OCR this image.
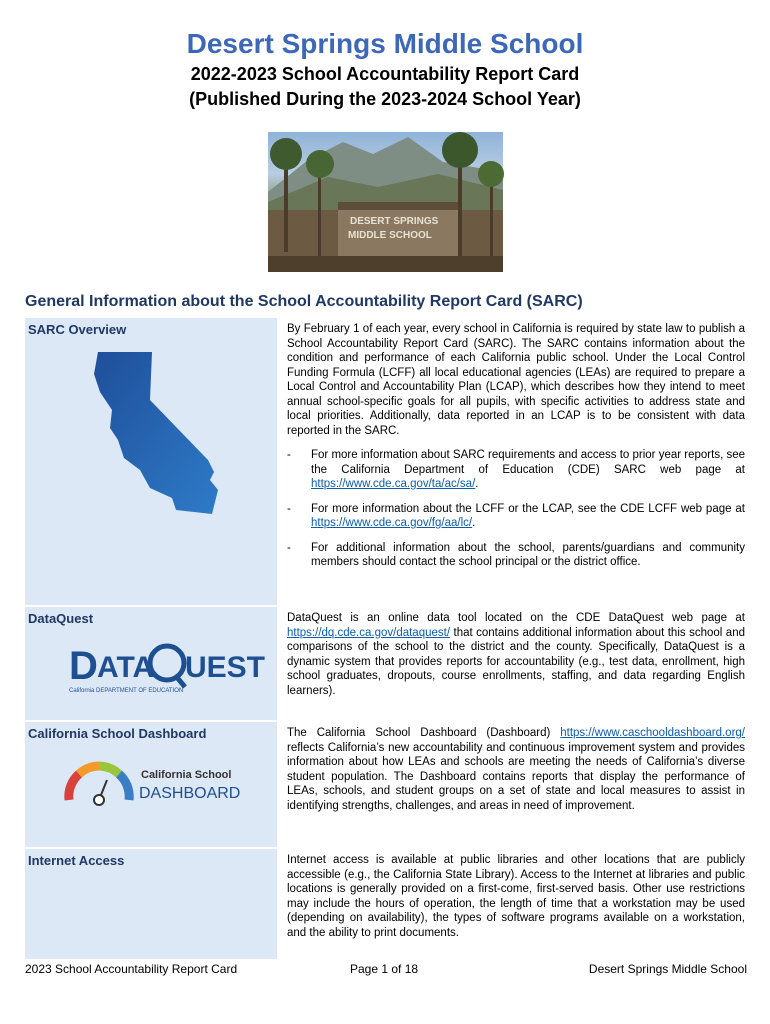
Desert Springs Middle School
2022-2023 School Accountability Report Card
(Published During the 2023-2024 School Year)
DESERT SPRINGS
MIDDLE SCHOOL
General Information about the School Accountability Report Card (SARC)
SARC Overview	By February 1 of each year, every school in California is required by state law to publish a School Accountability Report Card (SARC). The SARC contains information about the condition and performance of each California public school. Under the Local Control Funding Formula (LCFF) all local educational agencies (LEAs) are required to prepare a Local Control and Accountability Plan (LCAP), which describes how they intend to meet annual school-specific goals for all pupils, with specific activities to address state and local priorities. Additionally, data reported in an LCAP is to be consistent with data reported in the SARC.
-	For more information about SARC requirements and access to prior year reports, see the California Department of Education (CDE) SARC web page at https://www.cde.ca.gov/ta/ac/sa/.
-	For more information about the LCFF or the LCAP, see the CDE LCFF web page at https://www.cde.ca.gov/fg/aa/lc/.
-	For additional information about the school, parents/guardians and community members should contact the school principal or the district office.
DataQuest
D ATA UEST
California DEPARTMENT OF EDUCATION
DataQuest is an online data tool located on the CDE DataQuest web page at https://dq.cde.ca.gov/dataquest/ that contains additional information about this school and comparisons of the school to the district and the county. Specifically, DataQuest is a dynamic system that provides reports for accountability (e.g., test data, enrollment, high school graduates, dropouts, course enrollments, staffing, and data regarding English learners).
California School Dashboard
California School
DASHBOARD
The California School Dashboard (Dashboard) https://www.caschooldashboard.org/ reflects California’s new accountability and continuous improvement system and provides information about how LEAs and schools are meeting the needs of California’s diverse student population. The Dashboard contains reports that display the performance of LEAs, schools, and student groups on a set of state and local measures to assist in identifying strengths, challenges, and areas in need of improvement.
Internet Access	Internet access is available at public libraries and other locations that are publicly accessible (e.g., the California State Library). Access to the Internet at libraries and public locations is generally provided on a first-come, first-served basis. Other use restrictions may include the hours of operation, the length of time that a workstation may be used (depending on availability), the types of software programs available on a workstation, and the ability to print documents.
2023 School Accountability Report Card	Page 1 of 18	Desert Springs Middle School
